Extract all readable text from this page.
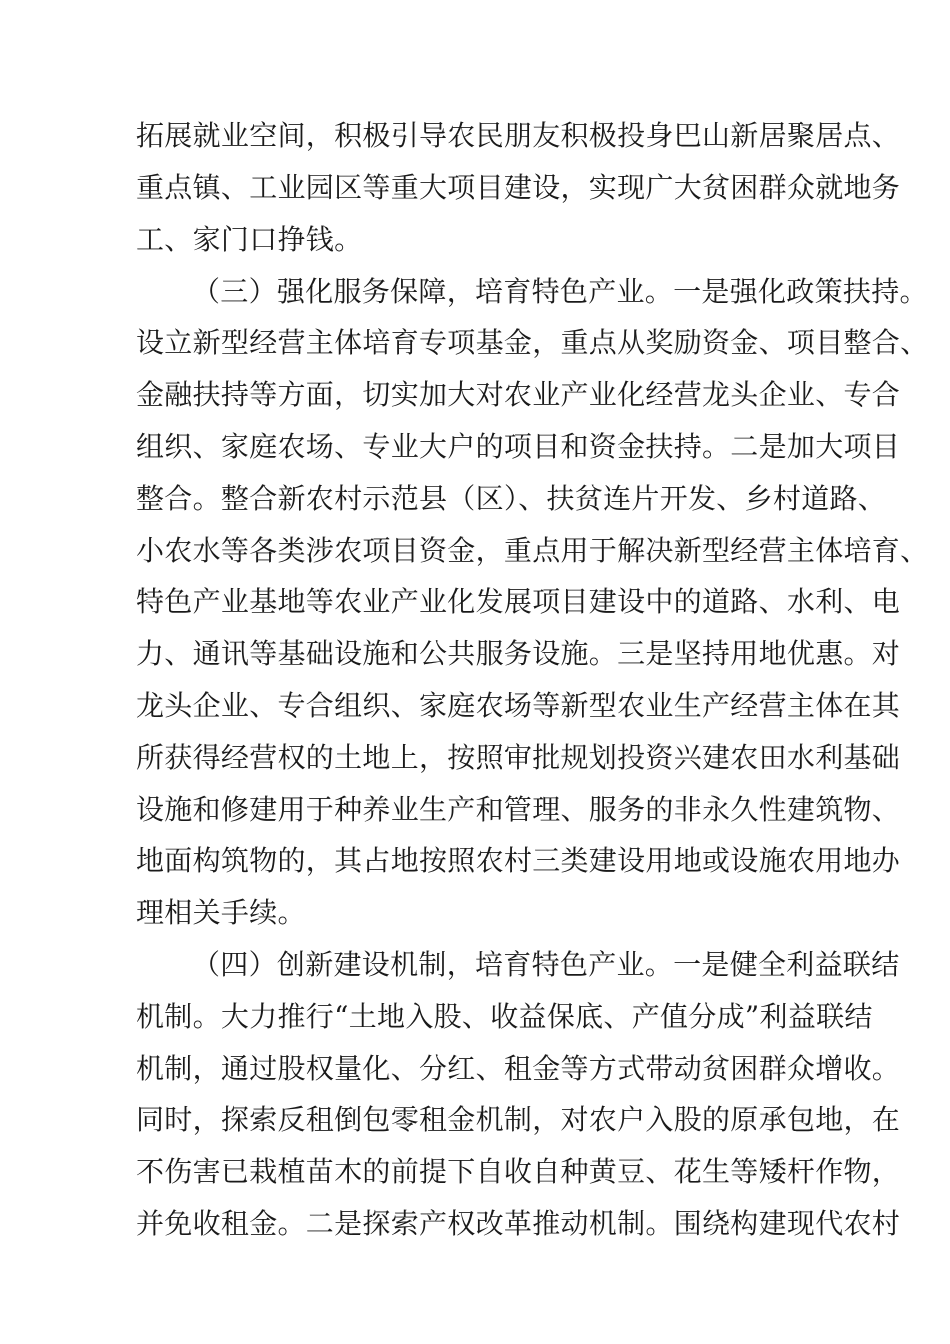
拓展就业空间，积极引导农民朋友积极投身巴山新居聚居点、
重点镇、工业园区等重大项目建设，实现广大贫困群众就地务
工、家门口挣钱。
（三）强化服务保障，培育特色产业。一是强化政策扶持。
设立新型经营主体培育专项基金，重点从奖励资金、项目整合、
金融扶持等方面，切实加大对农业产业化经营龙头企业、专合
组织、家庭农场、专业大户的项目和资金扶持。二是加大项目
整合。整合新农村示范县（区）、扶贫连片开发、乡村道路、
小农水等各类涉农项目资金，重点用于解决新型经营主体培育、
特色产业基地等农业产业化发展项目建设中的道路、水利、电
力、通讯等基础设施和公共服务设施。三是坚持用地优惠。对
龙头企业、专合组织、家庭农场等新型农业生产经营主体在其
所获得经营权的土地上，按照审批规划投资兴建农田水利基础
设施和修建用于种养业生产和管理、服务的非永久性建筑物、
地面构筑物的，其占地按照农村三类建设用地或设施农用地办
理相关手续。
（四）创新建设机制，培育特色产业。一是健全利益联结
机制。大力推行“土地入股、收益保底、产值分成”利益联结
机制，通过股权量化、分红、租金等方式带动贫困群众增收。
同时，探索反租倒包零租金机制，对农户入股的原承包地，在
不伤害已栽植苗木的前提下自收自种黄豆、花生等矮杆作物，
并免收租金。二是探索产权改革推动机制。围绕构建现代农村
